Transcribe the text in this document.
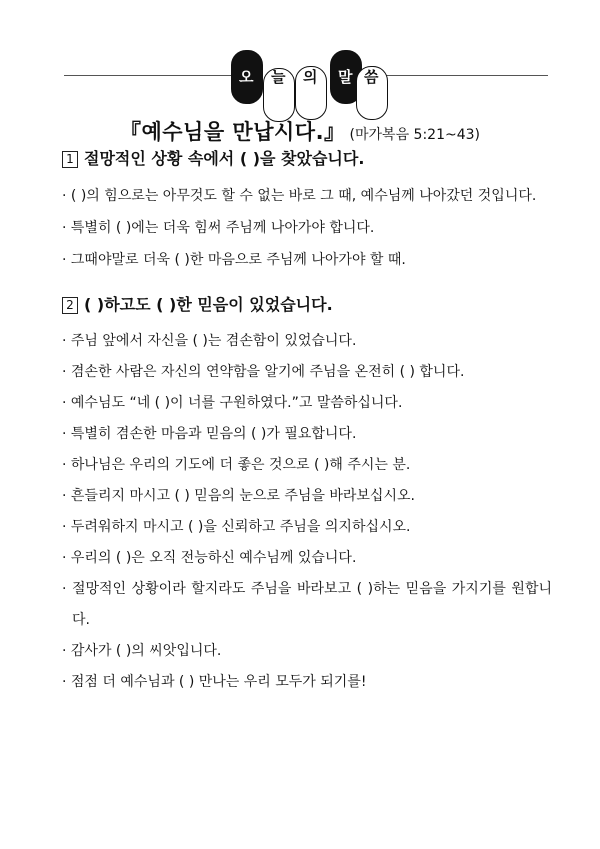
오 늘 의 말 씀
『예수님을 만납시다.』 (마가복음 5:21~43)
1 절망적인 상황 속에서 ( )을 찾았습니다.
· ( )의 힘으로는 아무것도 할 수 없는 바로 그 때, 예수님께 나아갔던 것입니다.
· 특별히 ( )에는 더욱 힘써 주님께 나아가야 합니다.
· 그때야말로 더욱 ( )한 마음으로 주님께 나아가야 할 때.
2 ( )하고도 ( )한 믿음이 있었습니다.
· 주님 앞에서 자신을 ( )는 겸손함이 있었습니다.
· 겸손한 사람은 자신의 연약함을 알기에 주님을 온전히 ( ) 합니다.
· 예수님도 “네 ( )이 너를 구원하였다.”고 말씀하십니다.
· 특별히 겸손한 마음과 믿음의 ( )가 필요합니다.
· 하나님은 우리의 기도에 더 좋은 것으로 ( )해 주시는 분.
· 흔들리지 마시고 ( ) 믿음의 눈으로 주님을 바라보십시오.
· 두려워하지 마시고 ( )을 신뢰하고 주님을 의지하십시오.
· 우리의 ( )은 오직 전능하신 예수님께 있습니다.
· 절망적인 상황이라 할지라도 주님을 바라보고 ( )하는 믿음을 가지기를 원합니다.
· 감사가 ( )의 씨앗입니다.
· 점점 더 예수님과 ( ) 만나는 우리 모두가 되기를!
